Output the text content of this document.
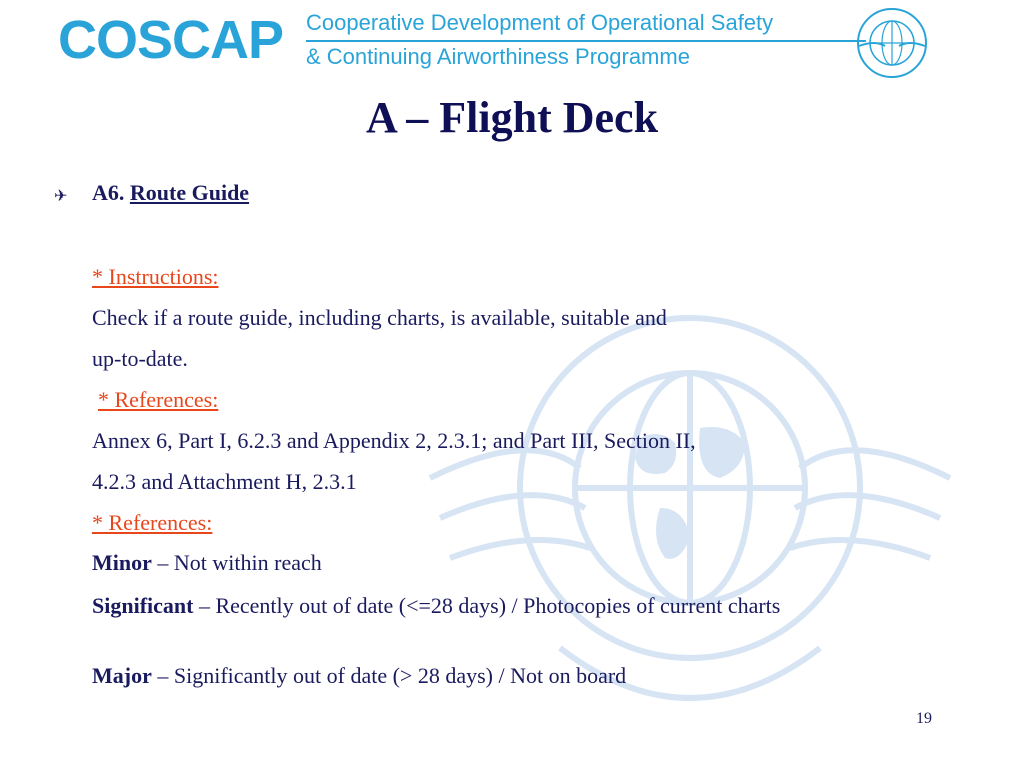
COSCAP Cooperative Development of Operational Safety
& Continuing Airworthiness Programme
A – Flight Deck
✈ A6. Route Guide
* Instructions:
Check if a route guide, including charts, is available, suitable and
up-to-date.
* References:
Annex 6, Part I, 6.2.3 and Appendix 2, 2.3.1; and Part III, Section II,
4.2.3 and Attachment H, 2.3.1
* References:
Minor – Not within reach
Significant – Recently out of date (<=28 days) / Photocopies of current charts
Major – Significantly out of date (> 28 days) / Not on board
19
